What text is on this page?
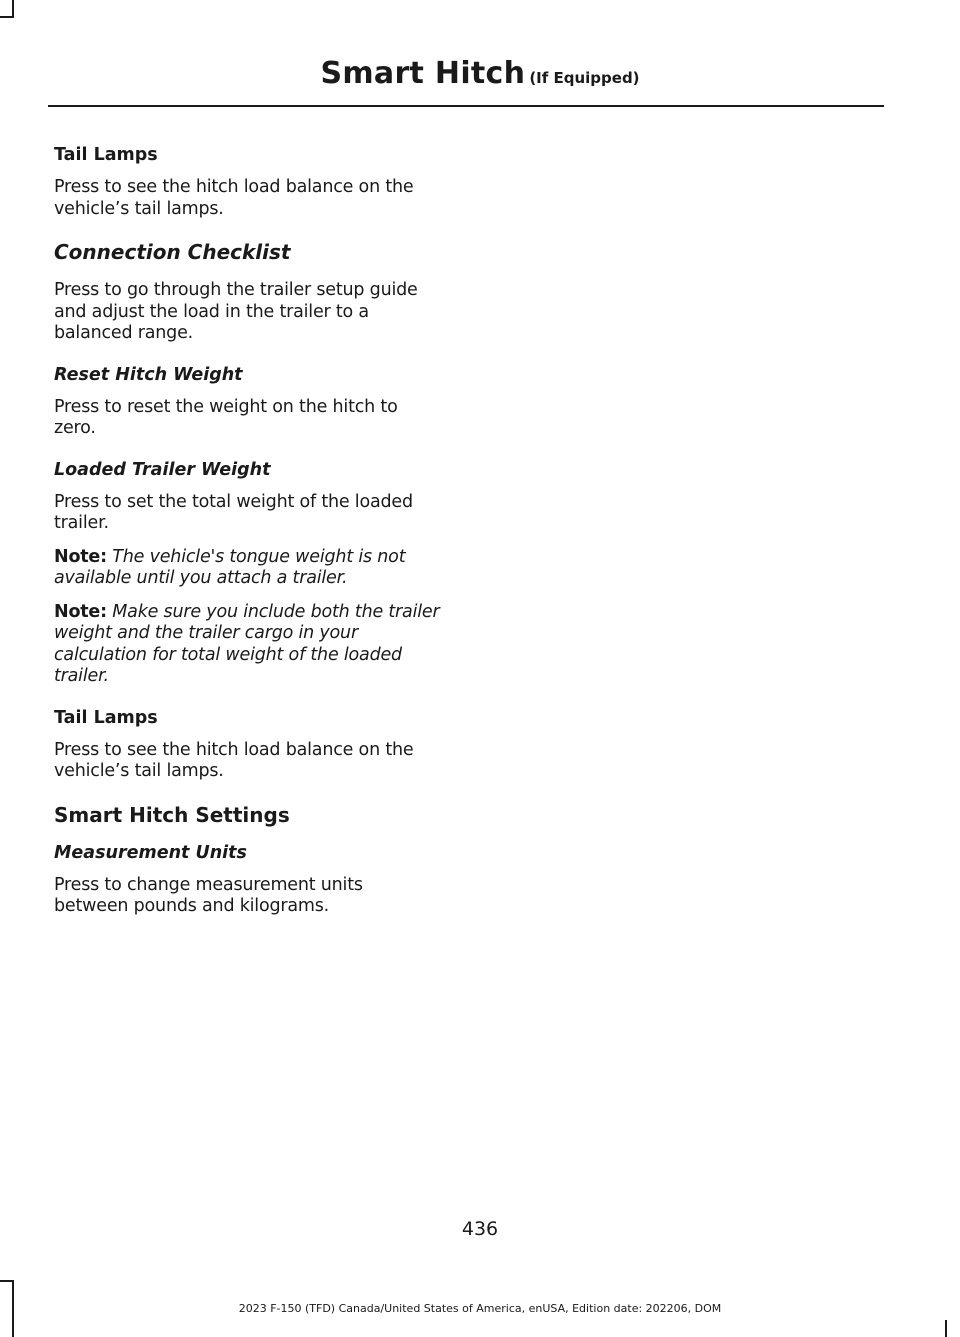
Smart Hitch (If Equipped)

Tail Lamps

Press to see the hitch load balance on the

vehicle’s tail lamps.

Connection Checklist

Press to go through the trailer setup guide

and adjust the load in the trailer to a

balanced range.

Reset Hitch Weight

Press to reset the weight on the hitch to

zero.

Loaded Trailer Weight

Press to set the total weight of the loaded

trailer.

Note: The vehicle's tongue weight is not

available until you attach a trailer.

Note: Make sure you include both the trailer

weight and the trailer cargo in your

calculation for total weight of the loaded

trailer.

Tail Lamps

Press to see the hitch load balance on the

vehicle’s tail lamps.

Smart Hitch Settings

Measurement Units

Press to change measurement units

between pounds and kilograms.

436
2023 F-150 (TFD) Canada/United States of America, enUSA, Edition date: 202206, DOM
